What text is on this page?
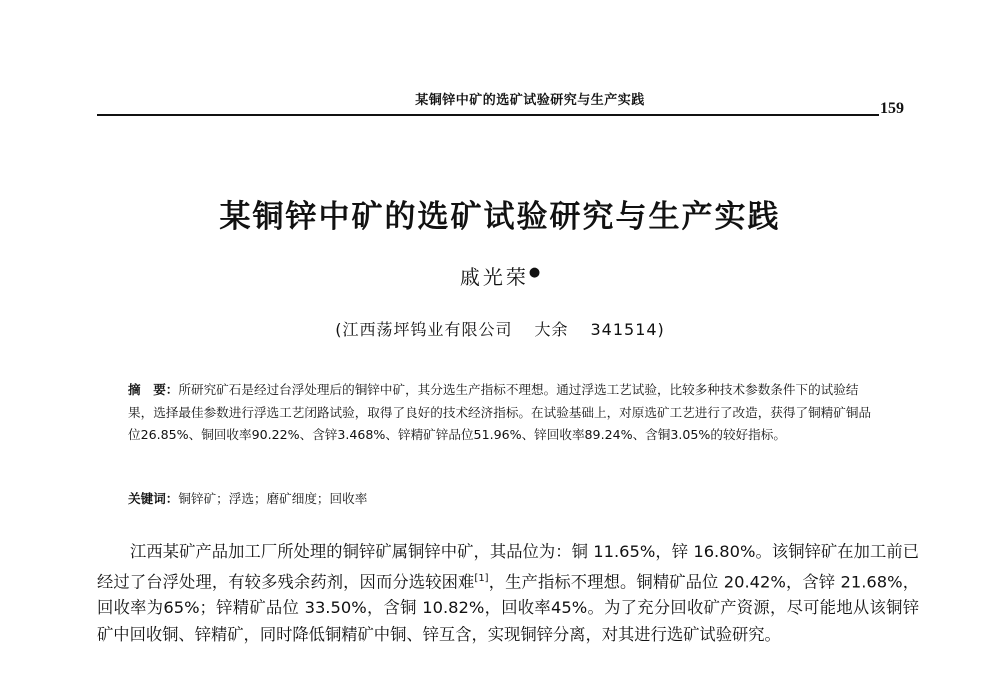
某铜锌中矿的选矿试验研究与生产实践	159
某铜锌中矿的选矿试验研究与生产实践
戚光荣●
(江西荡坪钨业有限公司 大余 341514)
摘　要：所研究矿石是经过台浮处理后的铜锌中矿，其分选生产指标不理想。通过浮选工艺试验，比较多种技术参数条件下的试验结果，选择最佳参数进行浮选工艺闭路试验，取得了良好的技术经济指标。在试验基础上，对原选矿工艺进行了改造，获得了铜精矿铜品位26.85%、铜回收率90.22%、含锌3.468%、锌精矿锌品位51.96%、锌回收率89.24%、含铜3.05%的较好指标。
关键词：铜锌矿；浮选；磨矿细度；回收率
江西某矿产品加工厂所处理的铜锌矿属铜锌中矿，其品位为：铜 11.65%，锌 16.80%。该铜锌矿在加工前已经过了台浮处理，有较多残余药剂，因而分选较困难[1]，生产指标不理想。铜精矿品位 20.42%，含锌 21.68%，回收率为65%；锌精矿品位 33.50%，含铜 10.82%，回收率45%。为了充分回收矿产资源，尽可能地从该铜锌矿中回收铜、锌精矿，同时降低铜精矿中铜、锌互含，实现铜锌分离，对其进行选矿试验研究。
